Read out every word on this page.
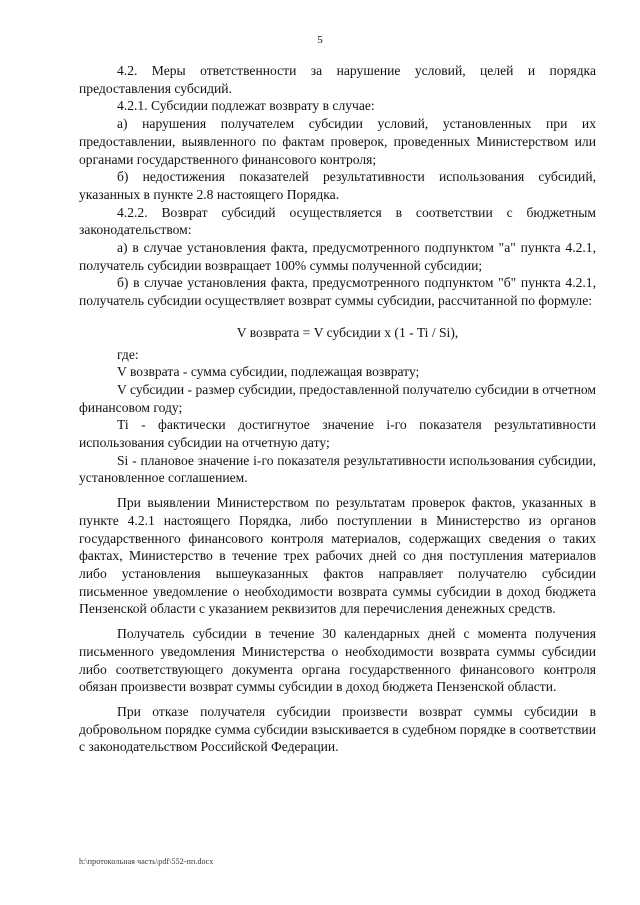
5

4.2. Меры ответственности за нарушение условий, целей и порядка предоставления субсидий.

4.2.1. Субсидии подлежат возврату в случае:

а) нарушения получателем субсидии условий, установленных при их предоставлении, выявленного по фактам проверок, проведенных Министерством или органами государственного финансового контроля;

б) недостижения показателей результативности использования субсидий, указанных в пункте 2.8 настоящего Порядка.

4.2.2. Возврат субсидий осуществляется в соответствии с бюджетным законодательством:

а) в случае установления факта, предусмотренного подпунктом "а" пункта 4.2.1, получатель субсидии возвращает 100% суммы полученной субсидии;

б) в случае установления факта, предусмотренного подпунктом "б" пункта 4.2.1, получатель субсидии осуществляет возврат суммы субсидии, рассчитанной по формуле:

V возврата = V субсидии x (1 - Ti / Si),

где:

V возврата - сумма субсидии, подлежащая возврату;

V субсидии - размер субсидии, предоставленной получателю субсидии в отчетном финансовом году;

Ti - фактически достигнутое значение i-го показателя результативности использования субсидии на отчетную дату;

Si - плановое значение i-го показателя результативности использования субсидии, установленное соглашением.

При выявлении Министерством по результатам проверок фактов, указанных в пункте 4.2.1 настоящего Порядка, либо поступлении в Министерство из органов государственного финансового контроля материалов, содержащих сведения о таких фактах, Министерство в течение трех рабочих дней со дня поступления материалов либо установления вышеуказанных фактов направляет получателю субсидии письменное уведомление о необходимости возврата суммы субсидии в доход бюджета Пензенской области с указанием реквизитов для перечисления денежных средств.

Получатель субсидии в течение 30 календарных дней с момента получения письменного уведомления Министерства о необходимости возврата суммы субсидии либо соответствующего документа органа государственного финансового контроля обязан произвести возврат суммы субсидии в доход бюджета Пензенской области.

При отказе получателя субсидии произвести возврат суммы субсидии в добровольном порядке сумма субсидии взыскивается в судебном порядке в соответствии с законодательством Российской Федерации.

h:\протокольная часть\pdf\552-пп.docx
